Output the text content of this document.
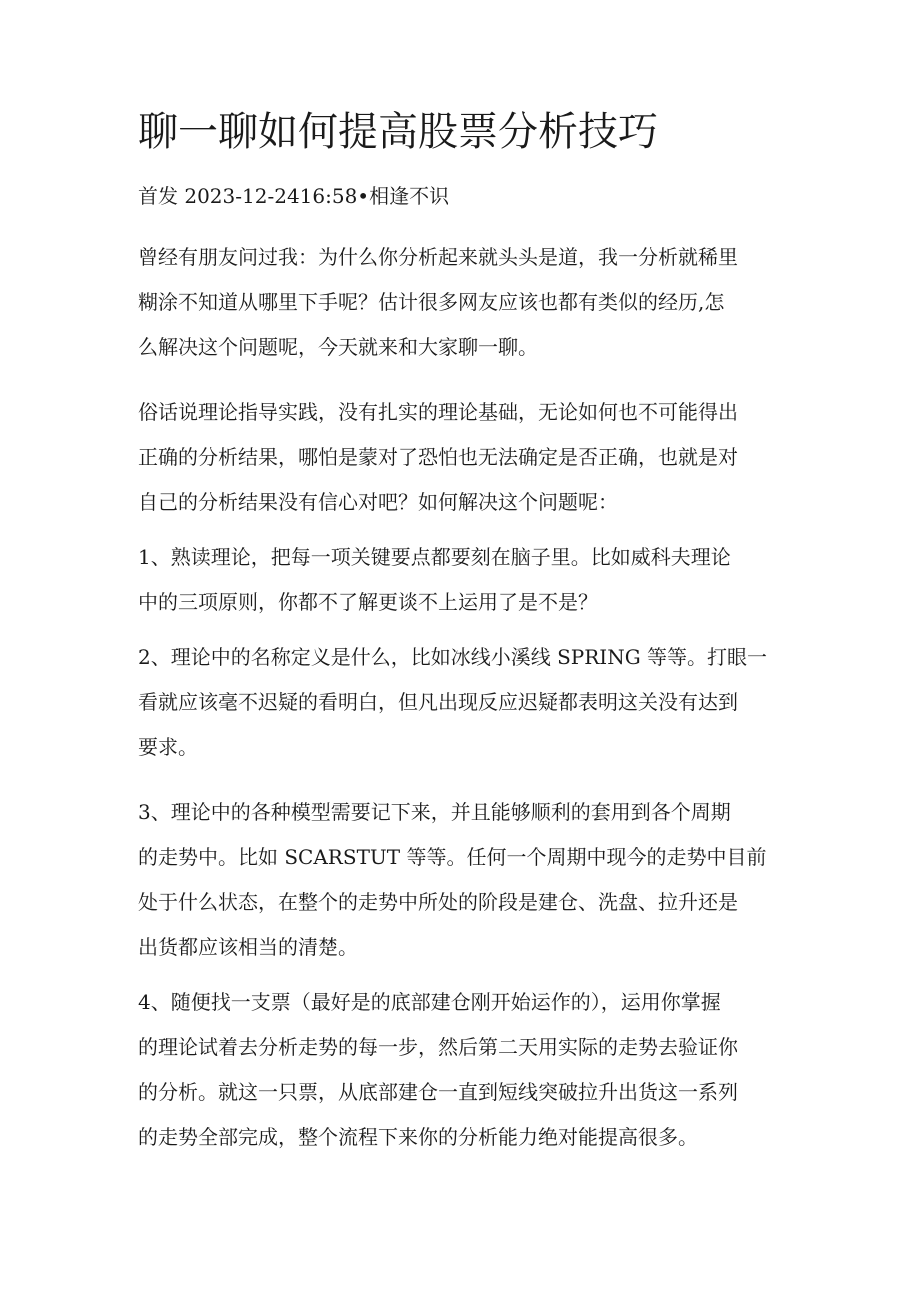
聊一聊如何提高股票分析技巧
首发 2023-12-2416:58•相逢不识
曾经有朋友问过我：为什么你分析起来就头头是道，我一分析就稀里
糊涂不知道从哪里下手呢？估计很多网友应该也都有类似的经历,怎
么解决这个问题呢，今天就来和大家聊一聊。
俗话说理论指导实践，没有扎实的理论基础，无论如何也不可能得出
正确的分析结果，哪怕是蒙对了恐怕也无法确定是否正确，也就是对
自己的分析结果没有信心对吧？如何解决这个问题呢：
1、熟读理论，把每一项关键要点都要刻在脑子里。比如威科夫理论
中的三项原则，你都不了解更谈不上运用了是不是？
2、理论中的名称定义是什么，比如冰线小溪线 SPRING 等等。打眼一
看就应该毫不迟疑的看明白，但凡出现反应迟疑都表明这关没有达到
要求。
3、理论中的各种模型需要记下来，并且能够顺利的套用到各个周期
的走势中。比如 SCARSTUT 等等。任何一个周期中现今的走势中目前
处于什么状态，在整个的走势中所处的阶段是建仓、洗盘、拉升还是
出货都应该相当的清楚。
4、随便找一支票（最好是的底部建仓刚开始运作的），运用你掌握
的理论试着去分析走势的每一步，然后第二天用实际的走势去验证你
的分析。就这一只票，从底部建仓一直到短线突破拉升出货这一系列
的走势全部完成，整个流程下来你的分析能力绝对能提高很多。
